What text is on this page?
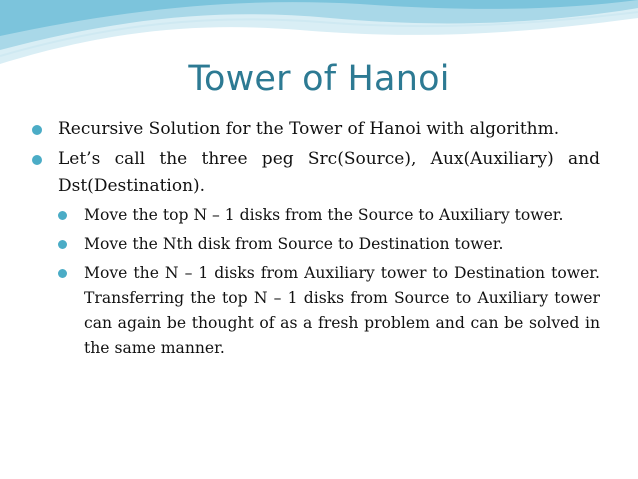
Tower of Hanoi
Recursive Solution for the Tower of Hanoi with algorithm.
Let’s call the three peg Src(Source), Aux(Auxiliary) and Dst(Destination).
Move the top N – 1 disks from the Source to Auxiliary tower.
Move the Nth disk from Source to Destination tower.
Move the N – 1 disks from Auxiliary tower to Destination tower. Transferring the top N – 1 disks from Source to Auxiliary tower can again be thought of as a fresh problem and can be solved in the same manner.
